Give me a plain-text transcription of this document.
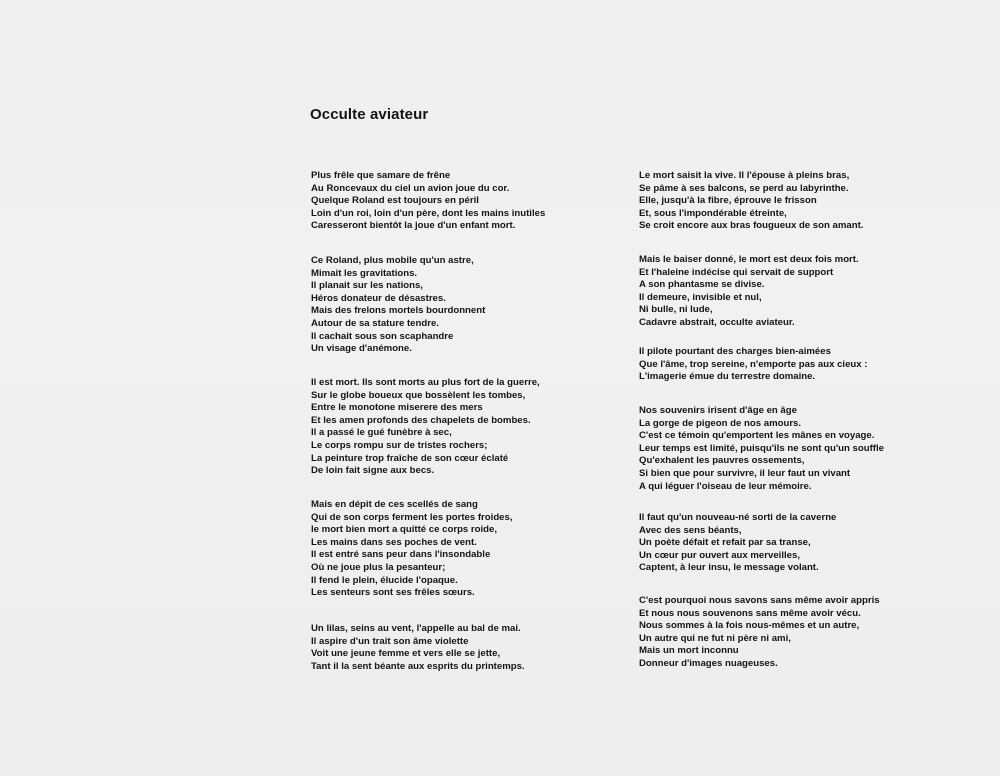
Occulte aviateur
Plus frêle que samare de frêne
Au Roncevaux du ciel un avion joue du cor.
Quelque Roland est toujours en péril
Loin d'un roi, loin d'un père, dont les mains inutiles
Caresseront bientôt la joue d'un enfant mort.
Ce Roland, plus mobile qu'un astre,
Mimait les gravitations.
Il planait sur les nations,
Héros donateur de désastres.
Mais des frelons mortels bourdonnent
Autour de sa stature tendre.
Il cachait sous son scaphandre
Un visage d'anémone.
Il est mort. Ils sont morts au plus fort de la guerre,
Sur le globe boueux que bossèlent les tombes,
Entre le monotone miserere des mers
Et les amen profonds des chapelets de bombes.
Il a passé le gué funèbre à sec,
Le corps rompu sur de tristes rochers;
La peinture trop fraîche de son cœur éclaté
De loin fait signe aux becs.
Mais en dépit de ces scellés de sang
Qui de son corps ferment les portes froides,
le mort bien mort a quitté ce corps roide,
Les mains dans ses poches de vent.
Il est entré sans peur dans l'insondable
Où ne joue plus la pesanteur;
Il fend le plein, élucide l'opaque.
Les senteurs sont ses frêles sœurs.
Un lilas, seins au vent, l'appelle au bal de mai.
Il aspire d'un trait son âme violette
Voit une jeune femme et vers elle se jette,
Tant il la sent béante aux esprits du printemps.
Le mort saisit la vive. Il l'épouse à pleins bras,
Se pâme à ses balcons, se perd au labyrinthe.
Elle, jusqu'à la fibre, éprouve le frisson
Et, sous l'impondérable étreinte,
Se croit encore aux bras fougueux de son amant.
Mais le baiser donné, le mort est deux fois mort.
Et l'haleine indécise qui servait de support
A son phantasme se divise.
Il demeure, invisible et nul,
Ni bulle, ni lude,
Cadavre abstrait, occulte aviateur.
Il pilote pourtant des charges bien-aimées
Que l'âme, trop sereine, n'emporte pas aux cieux :
L'imagerie émue du terrestre domaine.
Nos souvenirs irisent d'âge en âge
La gorge de pigeon de nos amours.
C'est ce témoin qu'emportent les mânes en voyage.
Leur temps est limité, puisqu'ils ne sont qu'un souffle
Qu'exhalent les pauvres ossements,
Si bien que pour survivre, il leur faut un vivant
A qui léguer l'oiseau de leur mémoire.
Il faut qu'un nouveau-né sorti de la caverne
Avec des sens béants,
Un poète défait et refait par sa transe,
Un cœur pur ouvert aux merveilles,
Captent, à leur insu, le message volant.
C'est pourquoi nous savons sans même avoir appris
Et nous nous souvenons sans même avoir vécu.
Nous sommes à la fois nous-mêmes et un autre,
Un autre qui ne fut ni père ni ami,
Mais un mort inconnu
Donneur d'images nuageuses.
